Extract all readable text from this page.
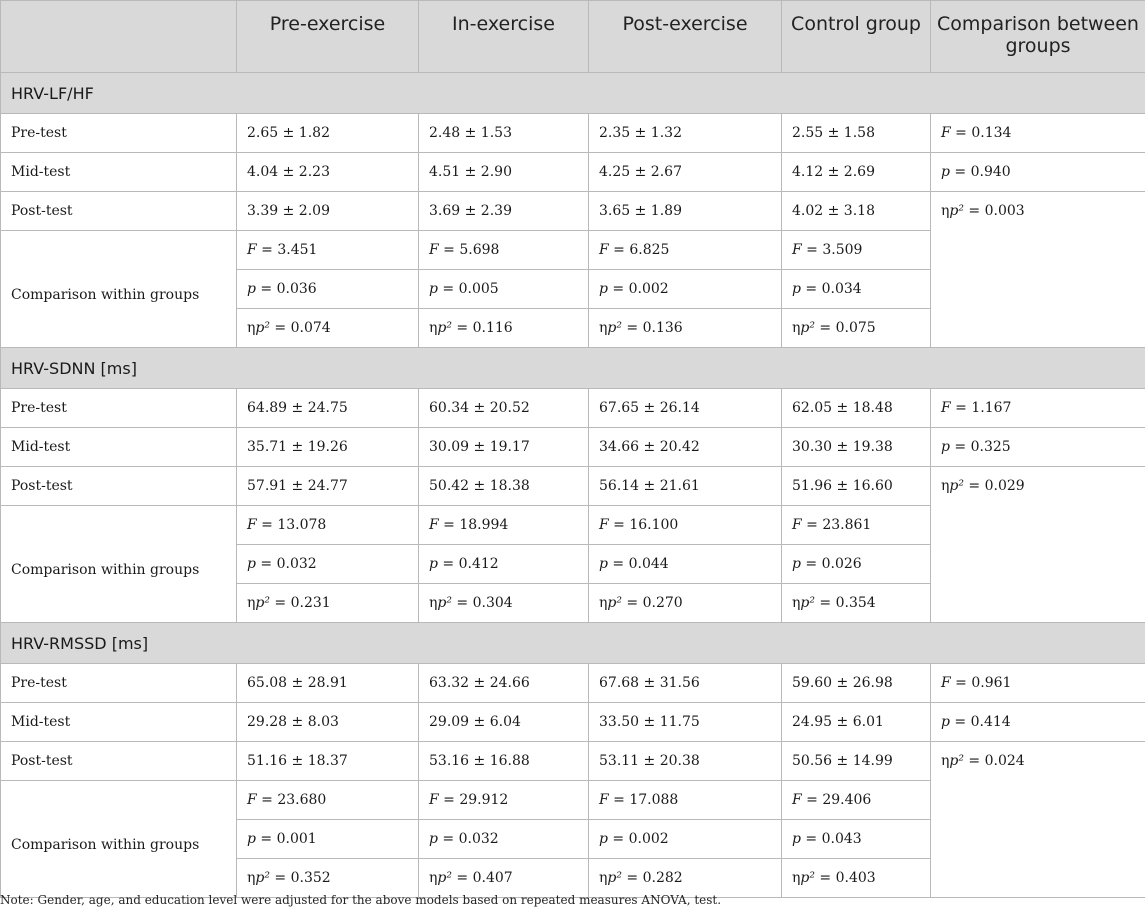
	Pre-exercise	In-exercise	Post-exercise	Control group	Comparison between groups
HRV-LF/HF					
Pre-test	2.65 ± 1.82	2.48 ± 1.53	2.35 ± 1.32	2.55 ± 1.58	F = 0.134
Mid-test	4.04 ± 2.23	4.51 ± 2.90	4.25 ± 2.67	4.12 ± 2.69	p = 0.940
Post-test	3.39 ± 2.09	3.69 ± 2.39	3.65 ± 1.89	4.02 ± 3.18	ηp² = 0.003
Comparison within groups	F = 3.451	F = 5.698	F = 6.825	F = 3.509	
	p = 0.036	p = 0.005	p = 0.002	p = 0.034	
	ηp² = 0.074	ηp² = 0.116	ηp² = 0.136	ηp² = 0.075	
HRV-SDNN [ms]					
Pre-test	64.89 ± 24.75	60.34 ± 20.52	67.65 ± 26.14	62.05 ± 18.48	F = 1.167
Mid-test	35.71 ± 19.26	30.09 ± 19.17	34.66 ± 20.42	30.30 ± 19.38	p = 0.325
Post-test	57.91 ± 24.77	50.42 ± 18.38	56.14 ± 21.61	51.96 ± 16.60	ηp² = 0.029
Comparison within groups	F = 13.078	F = 18.994	F = 16.100	F = 23.861	
	p = 0.032	p = 0.412	p = 0.044	p = 0.026	
	ηp² = 0.231	ηp² = 0.304	ηp² = 0.270	ηp² = 0.354	
HRV-RMSSD [ms]					
Pre-test	65.08 ± 28.91	63.32 ± 24.66	67.68 ± 31.56	59.60 ± 26.98	F = 0.961
Mid-test	29.28 ± 8.03	29.09 ± 6.04	33.50 ± 11.75	24.95 ± 6.01	p = 0.414
Post-test	51.16 ± 18.37	53.16 ± 16.88	53.11 ± 20.38	50.56 ± 14.99	ηp² = 0.024
Comparison within groups	F = 23.680	F = 29.912	F = 17.088	F = 29.406	
	p = 0.001	p = 0.032	p = 0.002	p = 0.043	
	ηp² = 0.352	ηp² = 0.407	ηp² = 0.282	ηp² = 0.403	
Note: Gender, age, and education level were adjusted for the above models based on repeated measures ANOVA, test.
